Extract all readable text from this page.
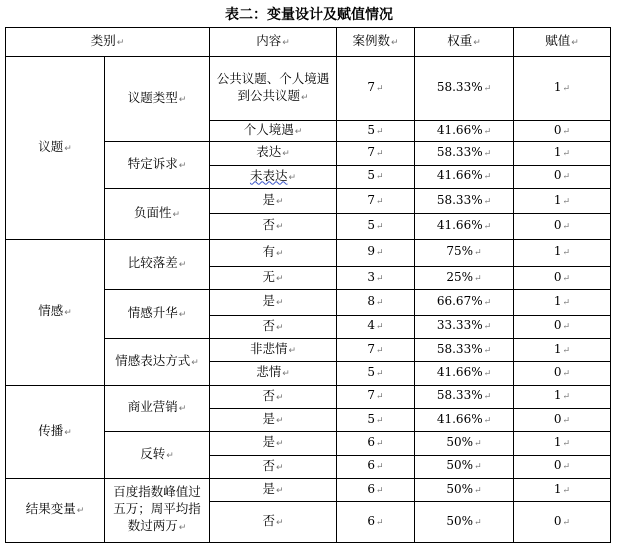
表二：变量设计及赋值情况
类别↵		内容↵	案例数↵	权重↵	赋值↵
议题↵	议题类型↵	公共议题、个人境遇到公共议题↵	7↵	58.33%↵	1↵
		个人境遇↵	5↵	41.66%↵	0↵
	特定诉求↵	表达↵	7↵	58.33%↵	1↵
		未表达↵	5↵	41.66%↵	0↵
	负面性↵	是↵	7↵	58.33%↵	1↵
		否↵	5↵	41.66%↵	0↵
情感↵	比较落差↵	有↵	9↵	75%↵	1↵
		无↵	3↵	25%↵	0↵
	情感升华↵	是↵	8↵	66.67%↵	1↵
		否↵	4↵	33.33%↵	0↵
	情感表达方式↵	非悲情↵	7↵	58.33%↵	1↵
		悲情↵	5↵	41.66%↵	0↵
传播↵	商业营销↵	否↵	7↵	58.33%↵	1↵
		是↵	5↵	41.66%↵	0↵
	反转↵	是↵	6↵	50%↵	1↵
		否↵	6↵	50%↵	0↵
结果变量↵	百度指数峰值过五万；周平均指数过两万↵	是↵	6↵	50%↵	1↵
		否↵	6↵	50%↵	0↵
